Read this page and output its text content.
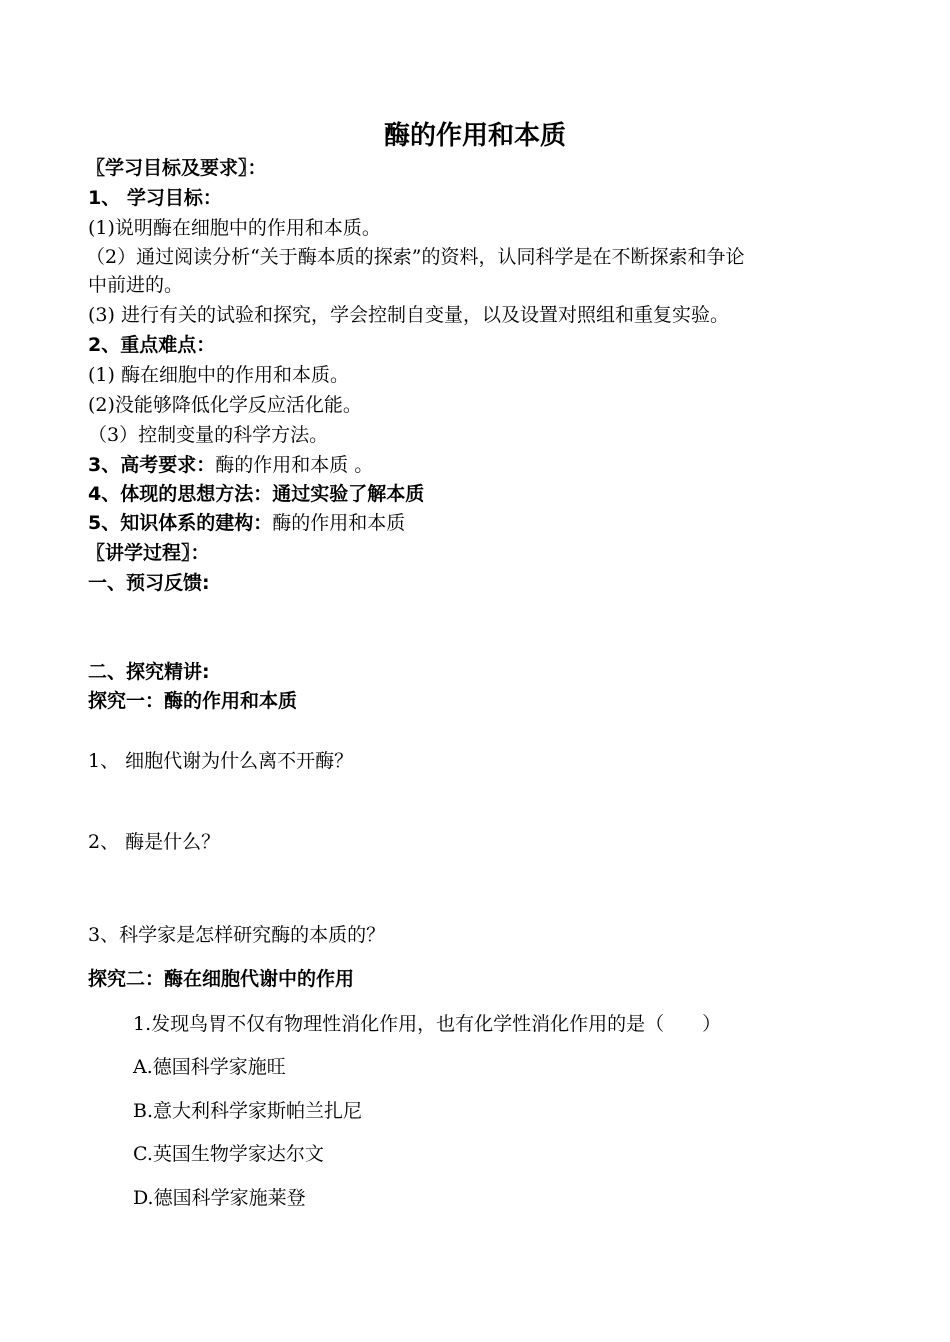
酶的作用和本质
〖学习目标及要求〗：
1、 学习目标：
(1)说明酶在细胞中的作用和本质。
（2）通过阅读分析“关于酶本质的探索”的资料，认同科学是在不断探索和争论
中前进的。
(3) 进行有关的试验和探究，学会控制自变量，以及设置对照组和重复实验。
2、重点难点：
(1) 酶在细胞中的作用和本质。
(2)没能够降低化学反应活化能。
（3）控制变量的科学方法。
3、高考要求：酶的作用和本质 。
4、体现的思想方法：通过实验了解本质
5、知识体系的建构：酶的作用和本质
〖讲学过程〗：
一、预习反馈:
二、探究精讲:
探究一：酶的作用和本质
1、 细胞代谢为什么离不开酶？
2、 酶是什么？
3、科学家是怎样研究酶的本质的？
探究二：酶在细胞代谢中的作用
1.发现鸟胃不仅有物理性消化作用，也有化学性消化作用的是（　　）
A.德国科学家施旺
B.意大利科学家斯帕兰扎尼
C.英国生物学家达尔文
D.德国科学家施莱登
